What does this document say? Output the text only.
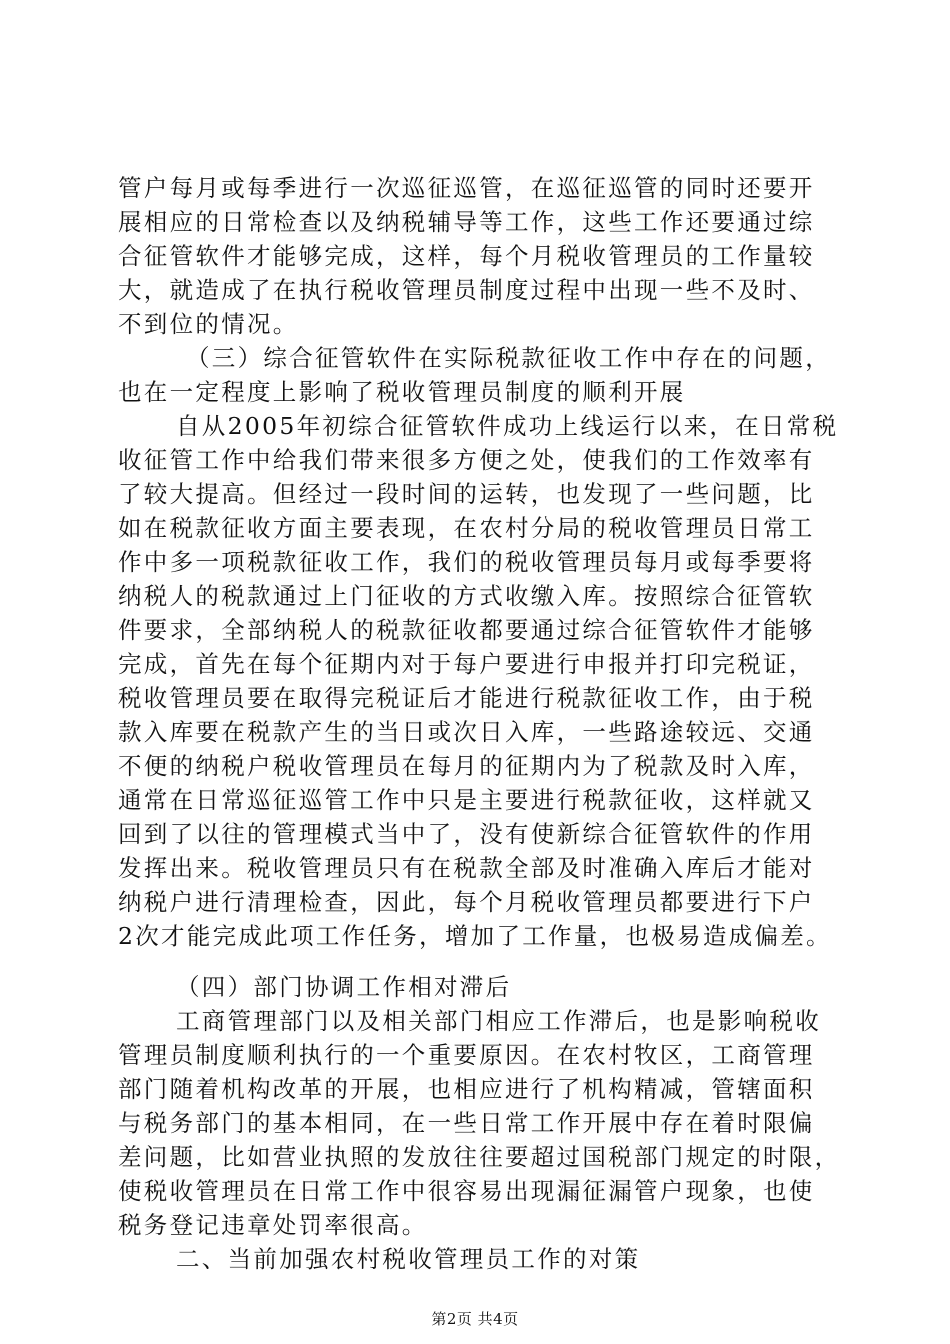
管户每月或每季进行一次巡征巡管，在巡征巡管的同时还要开
展相应的日常检查以及纳税辅导等工作，这些工作还要通过综
合征管软件才能够完成，这样，每个月税收管理员的工作量较
大，就造成了在执行税收管理员制度过程中出现一些不及时、
不到位的情况。
（三）综合征管软件在实际税款征收工作中存在的问题，
也在一定程度上影响了税收管理员制度的顺利开展
自从2005年初综合征管软件成功上线运行以来，在日常税
收征管工作中给我们带来很多方便之处，使我们的工作效率有
了较大提高。但经过一段时间的运转，也发现了一些问题，比
如在税款征收方面主要表现，在农村分局的税收管理员日常工
作中多一项税款征收工作，我们的税收管理员每月或每季要将
纳税人的税款通过上门征收的方式收缴入库。按照综合征管软
件要求，全部纳税人的税款征收都要通过综合征管软件才能够
完成，首先在每个征期内对于每户要进行申报并打印完税证，
税收管理员要在取得完税证后才能进行税款征收工作，由于税
款入库要在税款产生的当日或次日入库，一些路途较远、交通
不便的纳税户税收管理员在每月的征期内为了税款及时入库，
通常在日常巡征巡管工作中只是主要进行税款征收，这样就又
回到了以往的管理模式当中了，没有使新综合征管软件的作用
发挥出来。税收管理员只有在税款全部及时准确入库后才能对
纳税户进行清理检查，因此，每个月税收管理员都要进行下户
2次才能完成此项工作任务，增加了工作量，也极易造成偏差。
（四）部门协调工作相对滞后
工商管理部门以及相关部门相应工作滞后，也是影响税收
管理员制度顺利执行的一个重要原因。在农村牧区，工商管理
部门随着机构改革的开展，也相应进行了机构精减，管辖面积
与税务部门的基本相同，在一些日常工作开展中存在着时限偏
差问题，比如营业执照的发放往往要超过国税部门规定的时限，
使税收管理员在日常工作中很容易出现漏征漏管户现象，也使
税务登记违章处罚率很高。
二、当前加强农村税收管理员工作的对策
第2页 共4页
